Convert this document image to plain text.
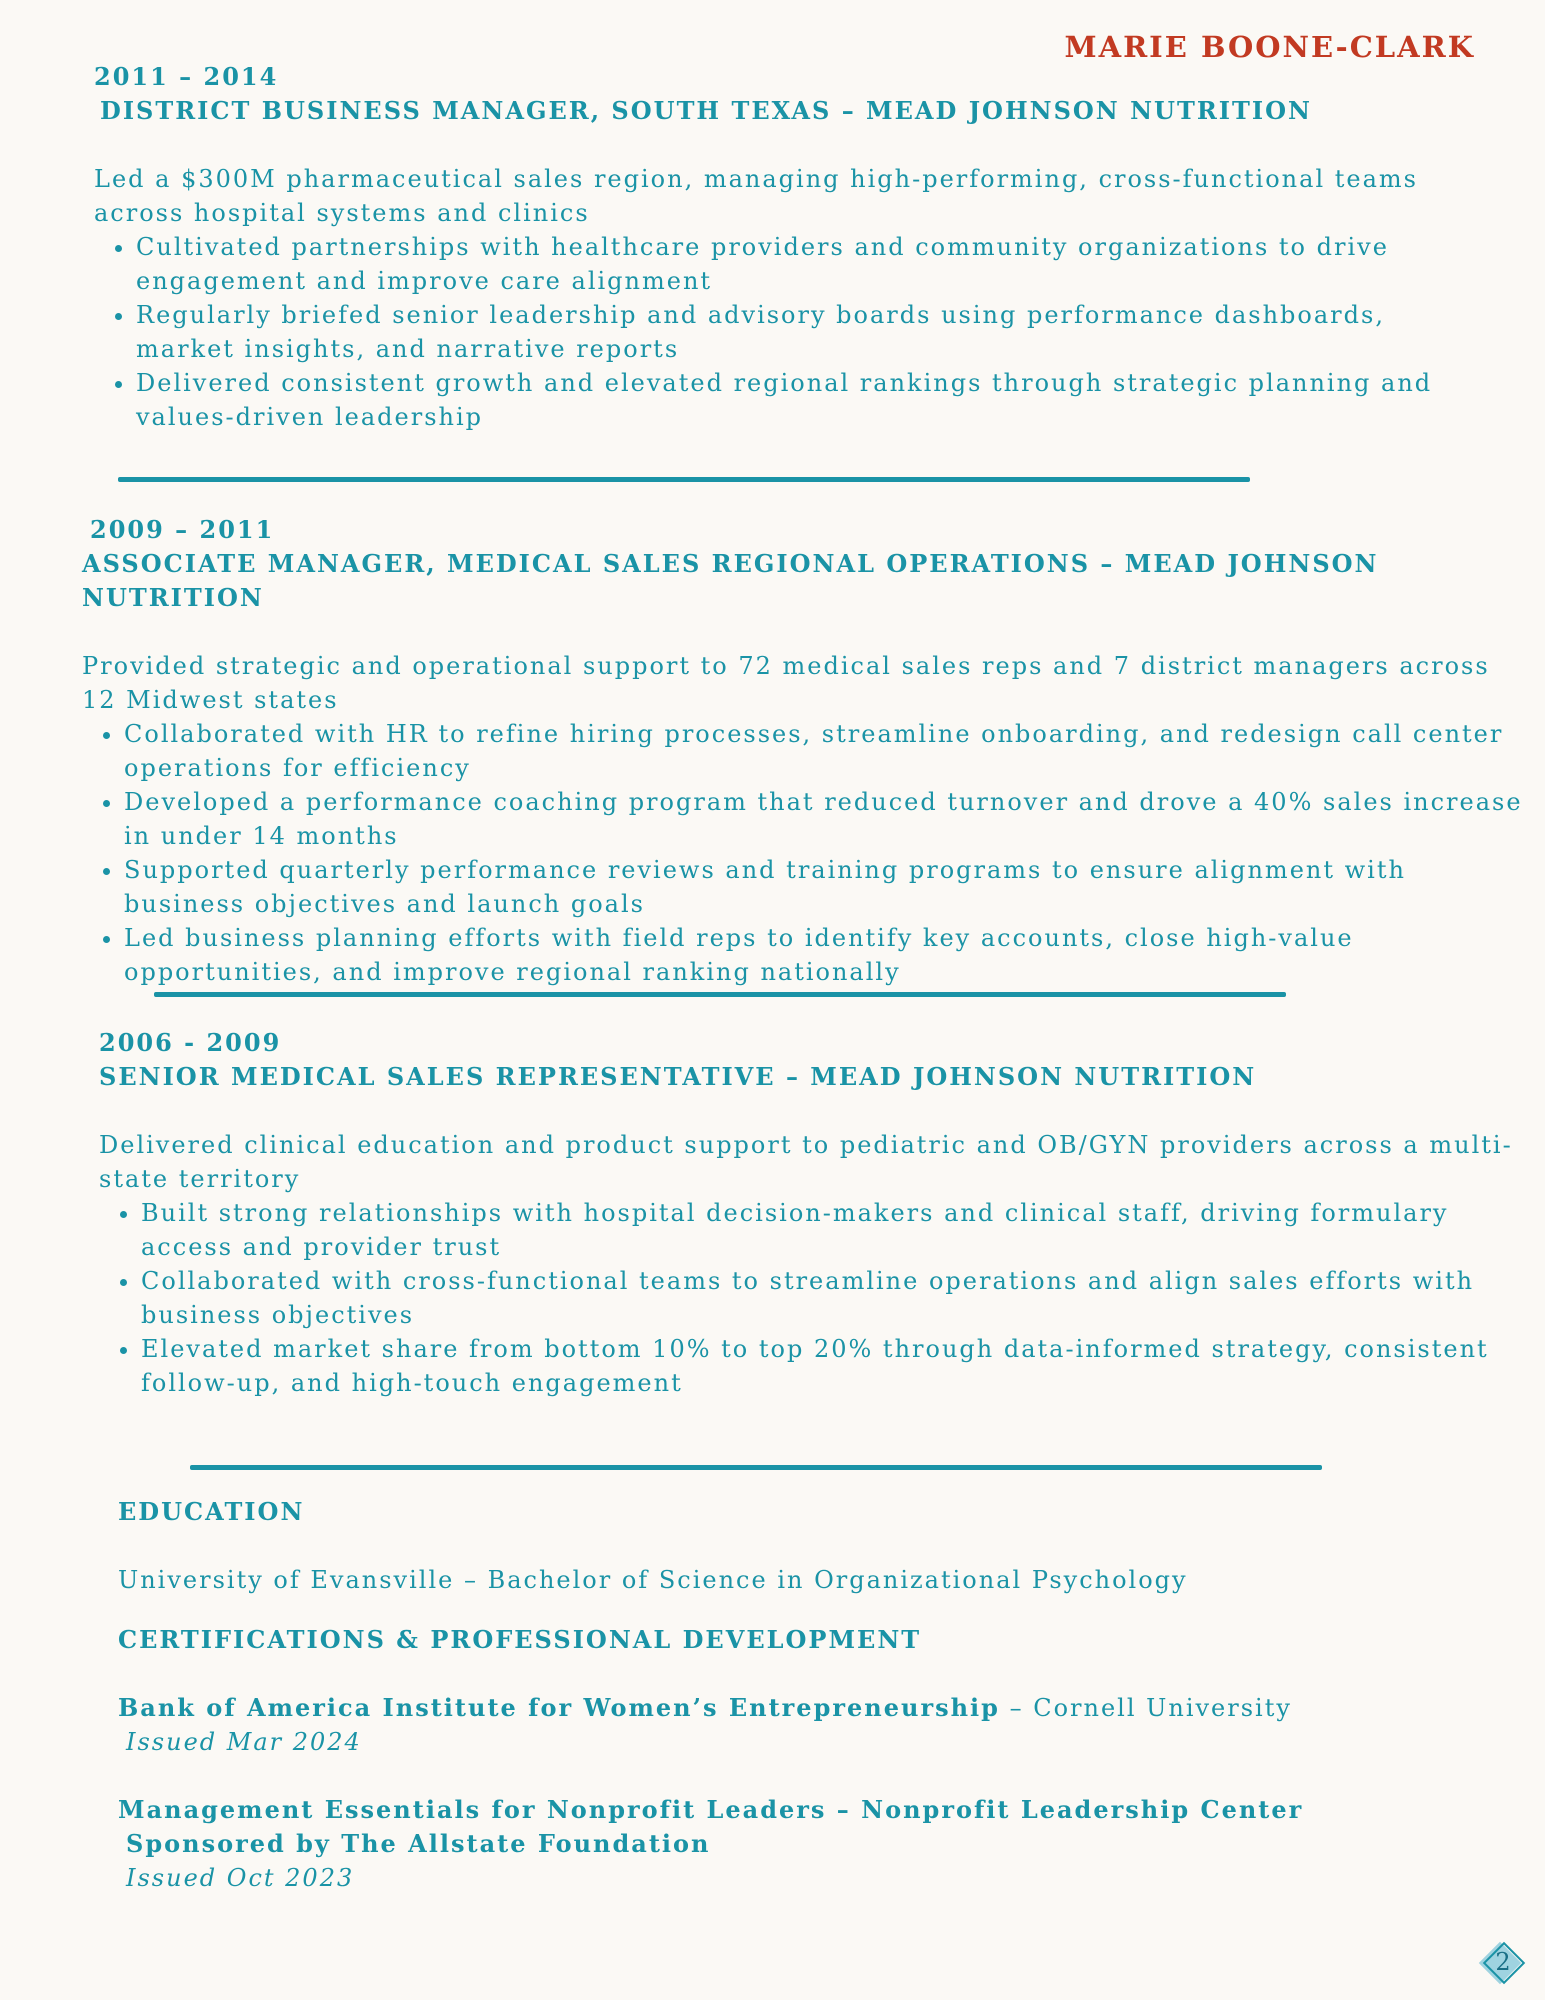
MARIE BOONE-CLARK

2011 – 2014

DISTRICT BUSINESS MANAGER, SOUTH TEXAS – MEAD JOHNSON NUTRITION

Led a $300M pharmaceutical sales region, managing high-performing, cross-functional teams across hospital systems and clinics

• Cultivated partnerships with healthcare providers and community organizations to drive engagement and improve care alignment
• Regularly briefed senior leadership and advisory boards using performance dashboards, market insights, and narrative reports
• Delivered consistent growth and elevated regional rankings through strategic planning and values-driven leadership

2009 – 2011

ASSOCIATE MANAGER, MEDICAL SALES REGIONAL OPERATIONS – MEAD JOHNSON NUTRITION

Provided strategic and operational support to 72 medical sales reps and 7 district managers across 12 Midwest states

• Collaborated with HR to refine hiring processes, streamline onboarding, and redesign call center operations for efficiency
• Developed a performance coaching program that reduced turnover and drove a 40% sales increase in under 14 months
• Supported quarterly performance reviews and training programs to ensure alignment with business objectives and launch goals
• Led business planning efforts with field reps to identify key accounts, close high-value opportunities, and improve regional ranking nationally

2006 - 2009

SENIOR MEDICAL SALES REPRESENTATIVE – MEAD JOHNSON NUTRITION

Delivered clinical education and product support to pediatric and OB/GYN providers across a multi-state territory

• Built strong relationships with hospital decision-makers and clinical staff, driving formulary access and provider trust
• Collaborated with cross-functional teams to streamline operations and align sales efforts with business objectives
• Elevated market share from bottom 10% to top 20% through data-informed strategy, consistent follow-up, and high-touch engagement

EDUCATION

University of Evansville – Bachelor of Science in Organizational Psychology

CERTIFICATIONS & PROFESSIONAL DEVELOPMENT

Bank of America Institute for Women’s Entrepreneurship – Cornell University

Issued Mar 2024

Management Essentials for Nonprofit Leaders – Nonprofit Leadership Center

Sponsored by The Allstate Foundation

Issued Oct 2023

2
